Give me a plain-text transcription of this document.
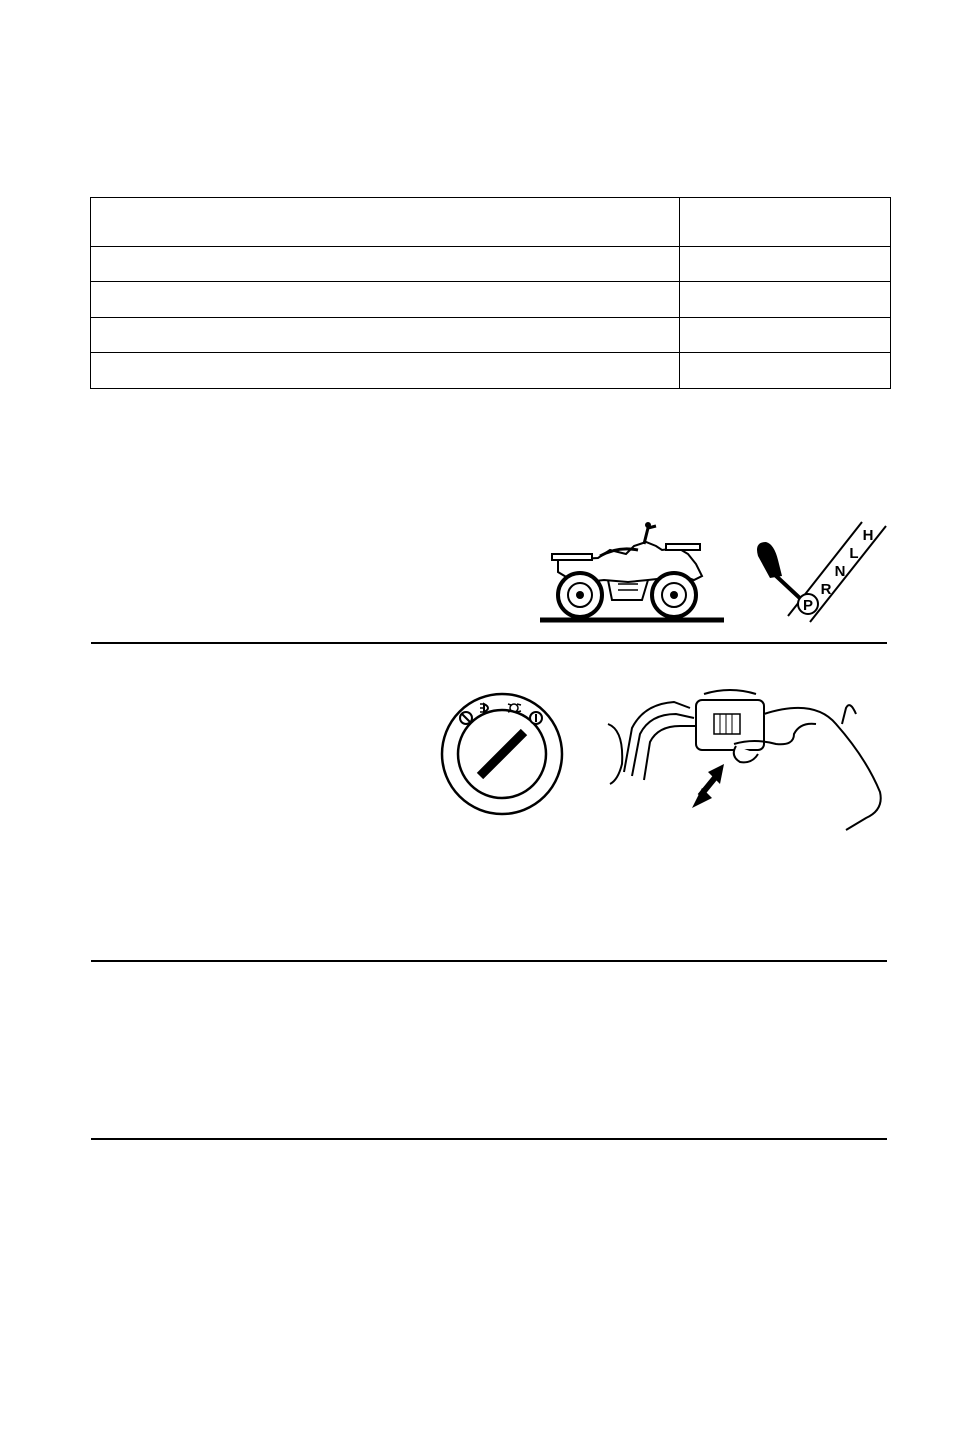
P
R
N
L
H
